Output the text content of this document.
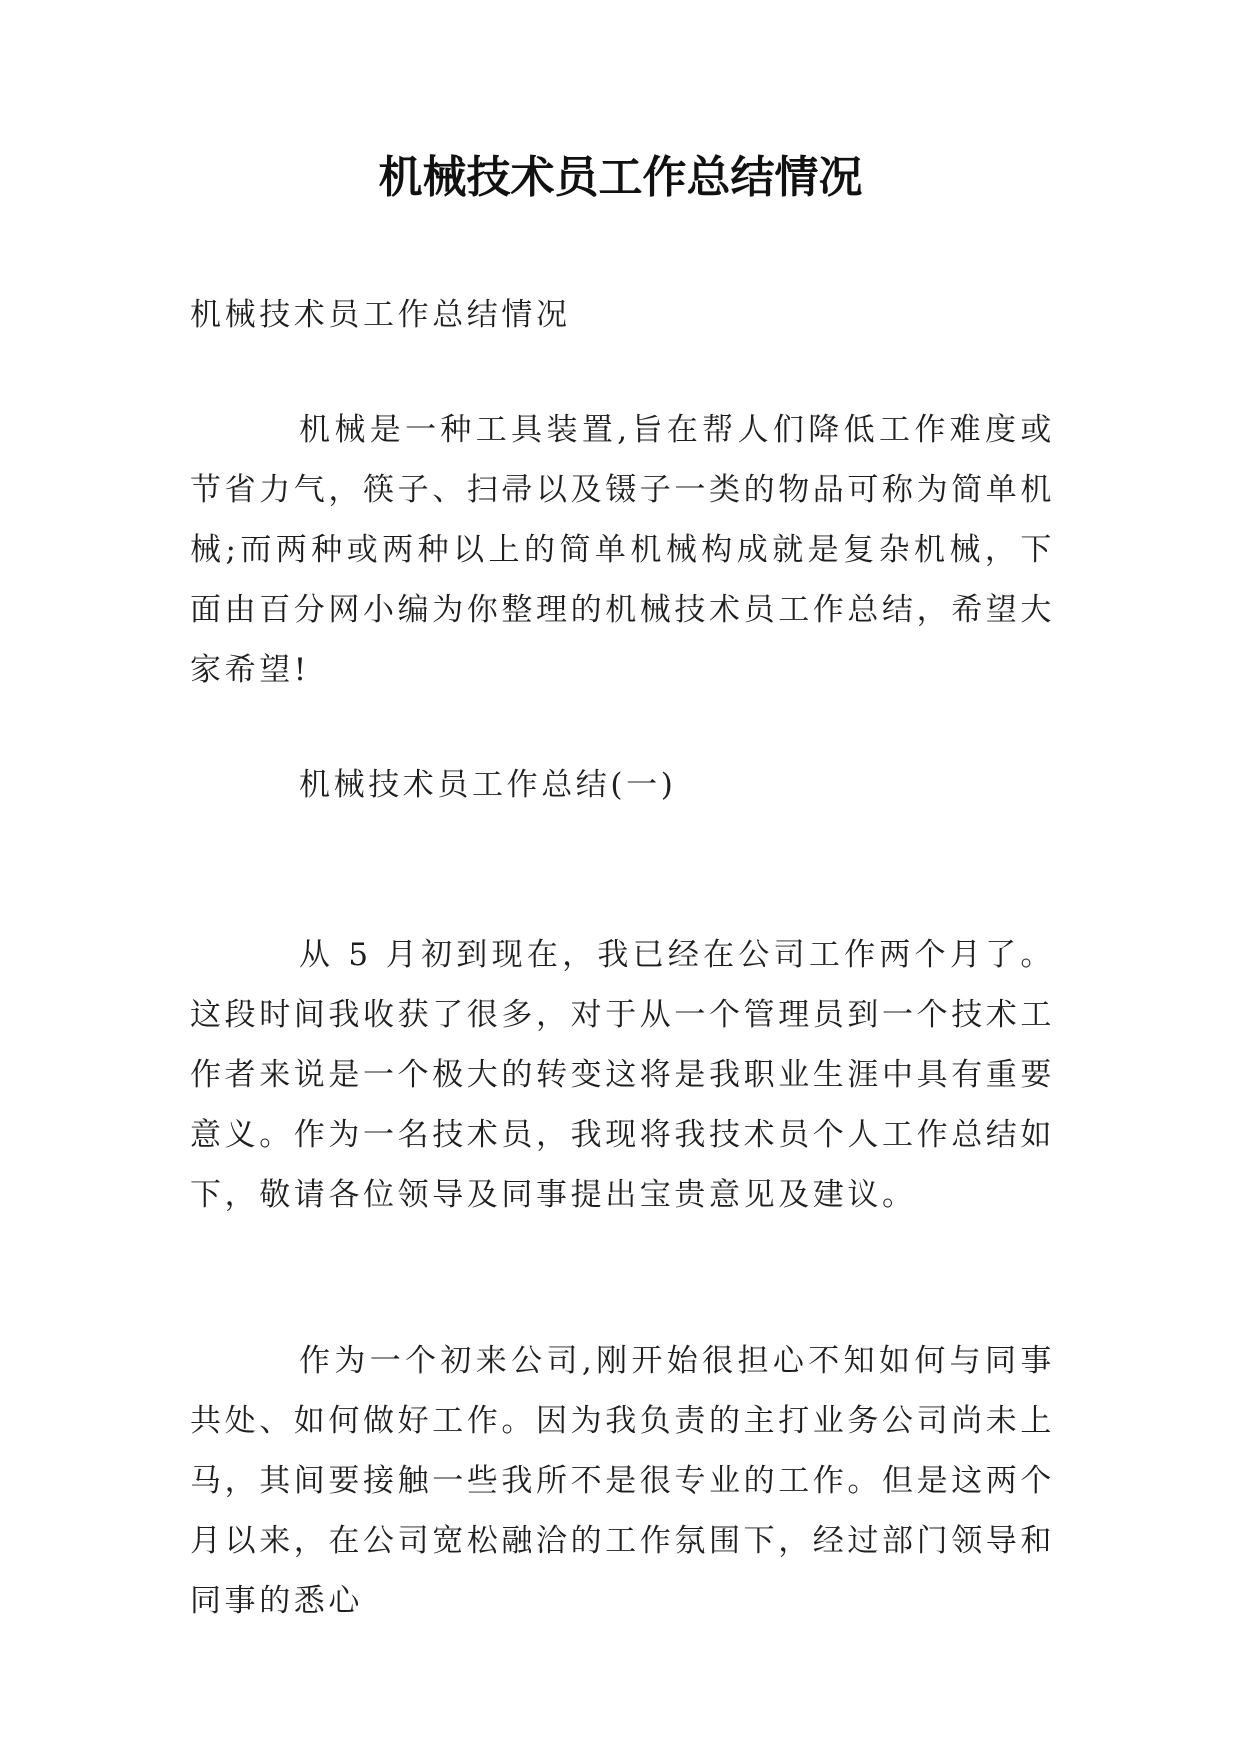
机械技术员工作总结情况

机械技术员工作总结情况

机械是一种工具装置,旨在帮人们降低工作难度或节省力气，筷子、扫帚以及镊子一类的物品可称为简单机械;而两种或两种以上的简单机械构成就是复杂机械，下面由百分网小编为你整理的机械技术员工作总结，希望大家希望!

机械技术员工作总结(一)

从 5 月初到现在，我已经在公司工作两个月了。这段时间我收获了很多，对于从一个管理员到一个技术工作者来说是一个极大的转变这将是我职业生涯中具有重要意义。作为一名技术员，我现将我技术员个人工作总结如下，敬请各位领导及同事提出宝贵意见及建议。

作为一个初来公司,刚开始很担心不知如何与同事共处、如何做好工作。因为我负责的主打业务公司尚未上马，其间要接触一些我所不是很专业的工作。但是这两个月以来，在公司宽松融洽的工作氛围下，经过部门领导和同事的悉心
